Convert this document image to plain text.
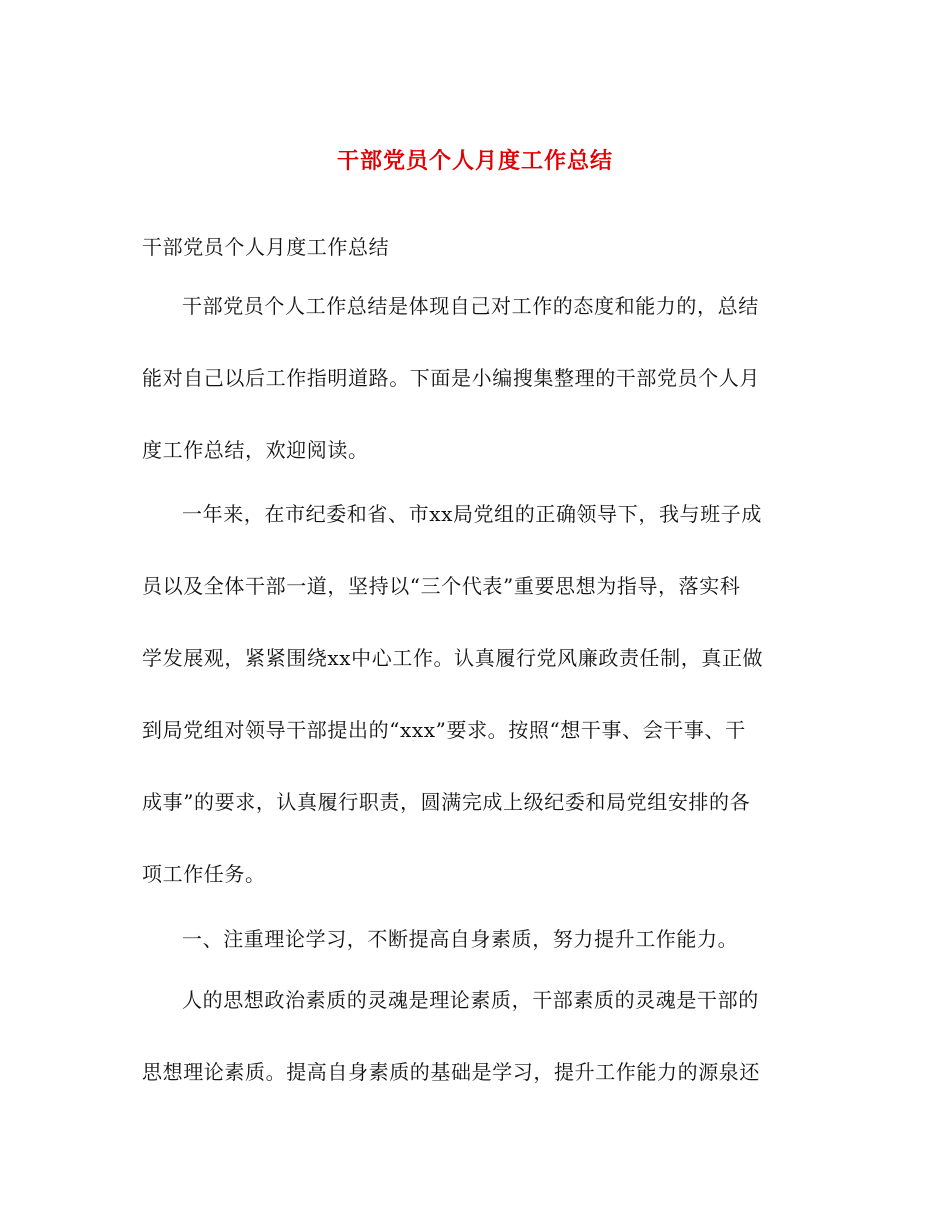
干部党员个人月度工作总结
干部党员个人月度工作总结
干部党员个人工作总结是体现自己对工作的态度和能力的，总结
能对自己以后工作指明道路。下面是小编搜集整理的干部党员个人月
度工作总结，欢迎阅读。
一年来，在市纪委和省、市xx局党组的正确领导下，我与班子成
员以及全体干部一道，坚持以“三个代表”重要思想为指导，落实科
学发展观，紧紧围绕xx中心工作。认真履行党风廉政责任制，真正做
到局党组对领导干部提出的“xxx”要求。按照“想干事、会干事、干
成事”的要求，认真履行职责，圆满完成上级纪委和局党组安排的各
项工作任务。
一、注重理论学习，不断提高自身素质，努力提升工作能力。
人的思想政治素质的灵魂是理论素质，干部素质的灵魂是干部的
思想理论素质。提高自身素质的基础是学习，提升工作能力的源泉还
